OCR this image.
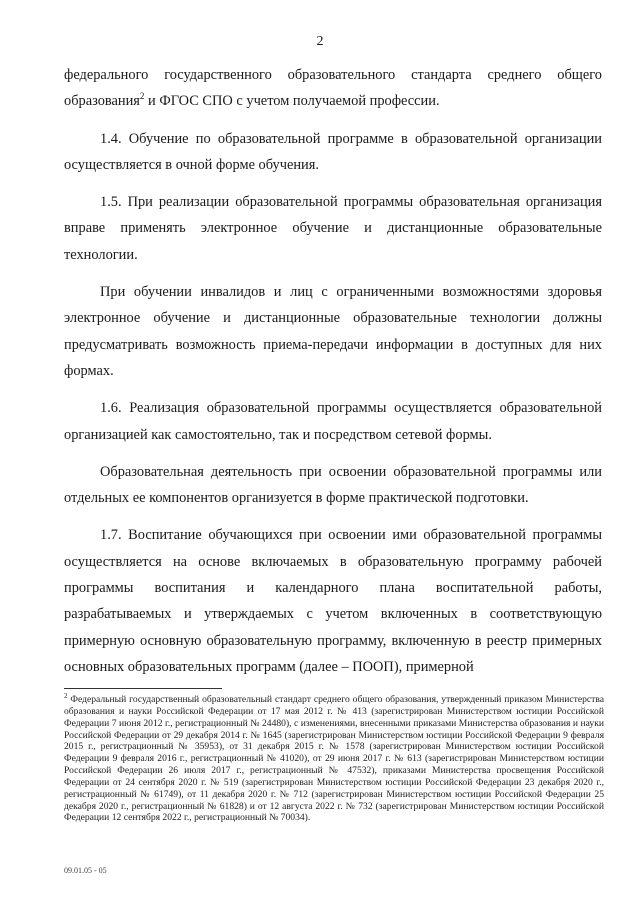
2

федерального государственного образовательного стандарта среднего общего образования$^2$ и ФГОС СПО с учетом получаемой профессии.

1.4. Обучение по образовательной программе в образовательной организации осуществляется в очной форме обучения.

1.5. При реализации образовательной программы образовательная организация вправе применять электронное обучение и дистанционные образовательные технологии.

При обучении инвалидов и лиц с ограниченными возможностями здоровья электронное обучение и дистанционные образовательные технологии должны предусматривать возможность приема-передачи информации в доступных для них формах.

1.6. Реализация образовательной программы осуществляется образовательной организацией как самостоятельно, так и посредством сетевой формы.

Образовательная деятельность при освоении образовательной программы или отдельных ее компонентов организуется в форме практической подготовки.

1.7. Воспитание обучающихся при освоении ими образовательной программы осуществляется на основе включаемых в образовательную программу рабочей программы воспитания и календарного плана воспитательной работы, разрабатываемых и утверждаемых с учетом включенных в соответствующую примерную основную образовательную программу, включенную в реестр примерных основных образовательных программ (далее – ПООП), примерной

$^2$ Федеральный государственный образовательный стандарт среднего общего образования, утвержденный приказом Министерства образования и науки Российской Федерации от 17 мая 2012 г. № 413 (зарегистрирован Министерством юстиции Российской Федерации 7 июня 2012 г., регистрационный № 24480), с изменениями, внесенными приказами Министерства образования и науки Российской Федерации от 29 декабря 2014 г. № 1645 (зарегистрирован Министерством юстиции Российской Федерации 9 февраля 2015 г., регистрационный № 35953), от 31 декабря 2015 г. № 1578 (зарегистрирован Министерством юстиции Российской Федерации 9 февраля 2016 г., регистрационный № 41020), от 29 июня 2017 г. № 613 (зарегистрирован Министерством юстиции Российской Федерации 26 июля 2017 г., регистрационный № 47532), приказами Министерства просвещения Российской Федерации от 24 сентября 2020 г. № 519 (зарегистрирован Министерством юстиции Российской Федерации 23 декабря 2020 г., регистрационный № 61749), от 11 декабря 2020 г. № 712 (зарегистрирован Министерством юстиции Российской Федерации 25 декабря 2020 г., регистрационный № 61828) и от 12 августа 2022 г. № 732 (зарегистрирован Министерством юстиции Российской Федерации 12 сентября 2022 г., регистрационный № 70034).
09.01.05 - 05
